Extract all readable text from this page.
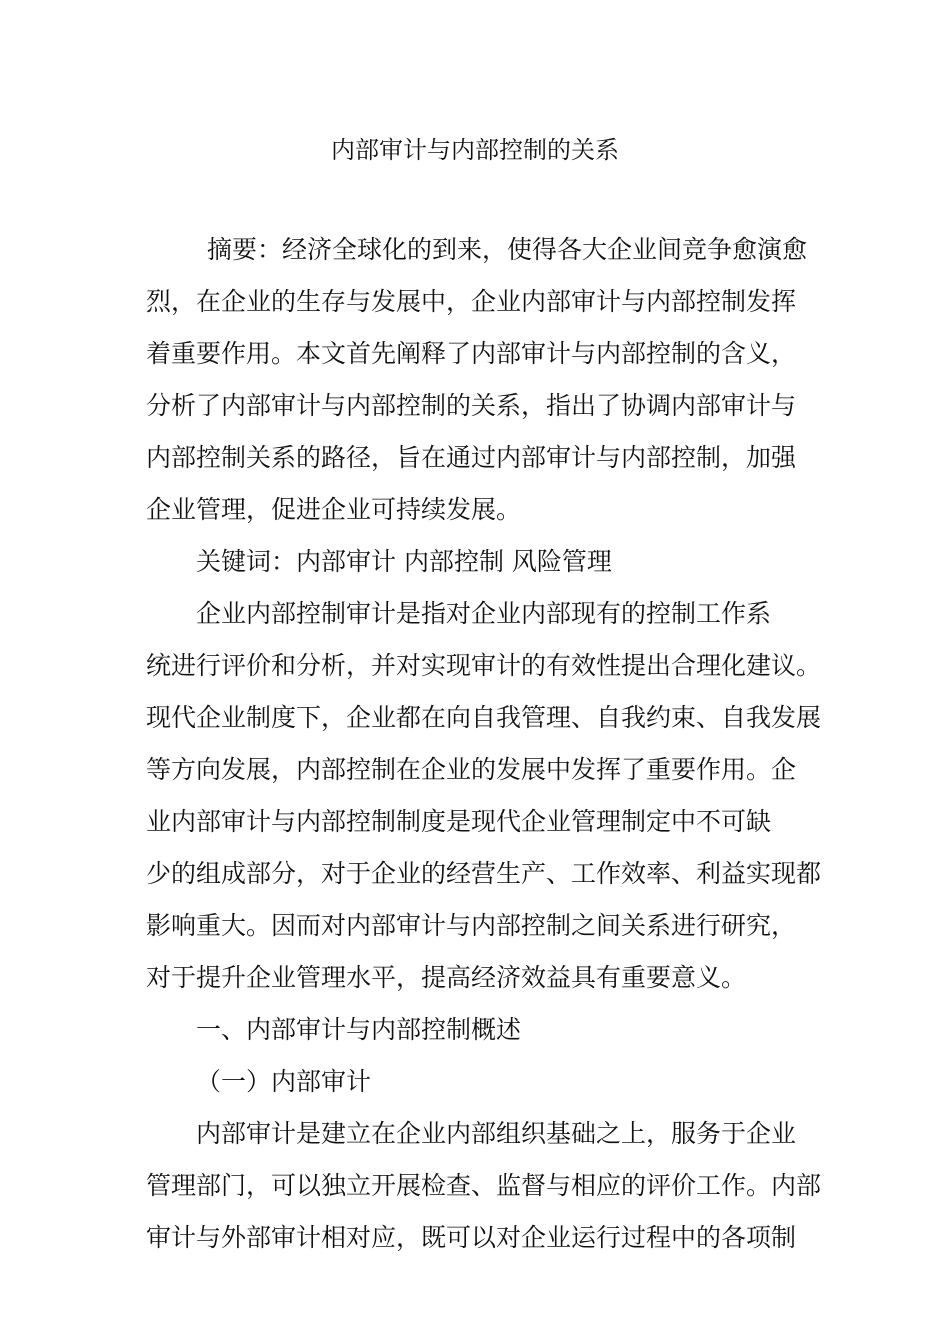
内部审计与内部控制的关系
摘要：经济全球化的到来，使得各大企业间竞争愈演愈
烈，在企业的生存与发展中，企业内部审计与内部控制发挥
着重要作用。本文首先阐释了内部审计与内部控制的含义，
分析了内部审计与内部控制的关系，指出了协调内部审计与
内部控制关系的路径，旨在通过内部审计与内部控制，加强
企业管理，促进企业可持续发展。
关键词：内部审计 内部控制 风险管理
企业内部控制审计是指对企业内部现有的控制工作系
统进行评价和分析，并对实现审计的有效性提出合理化建议。
现代企业制度下，企业都在向自我管理、自我约束、自我发展
等方向发展，内部控制在企业的发展中发挥了重要作用。企
业内部审计与内部控制制度是现代企业管理制定中不可缺
少的组成部分，对于企业的经营生产、工作效率、利益实现都
影响重大。因而对内部审计与内部控制之间关系进行研究，
对于提升企业管理水平，提高经济效益具有重要意义。
一、内部审计与内部控制概述
（一）内部审计
内部审计是建立在企业内部组织基础之上，服务于企业
管理部门，可以独立开展检查、监督与相应的评价工作。内部
审计与外部审计相对应，既可以对企业运行过程中的各项制
